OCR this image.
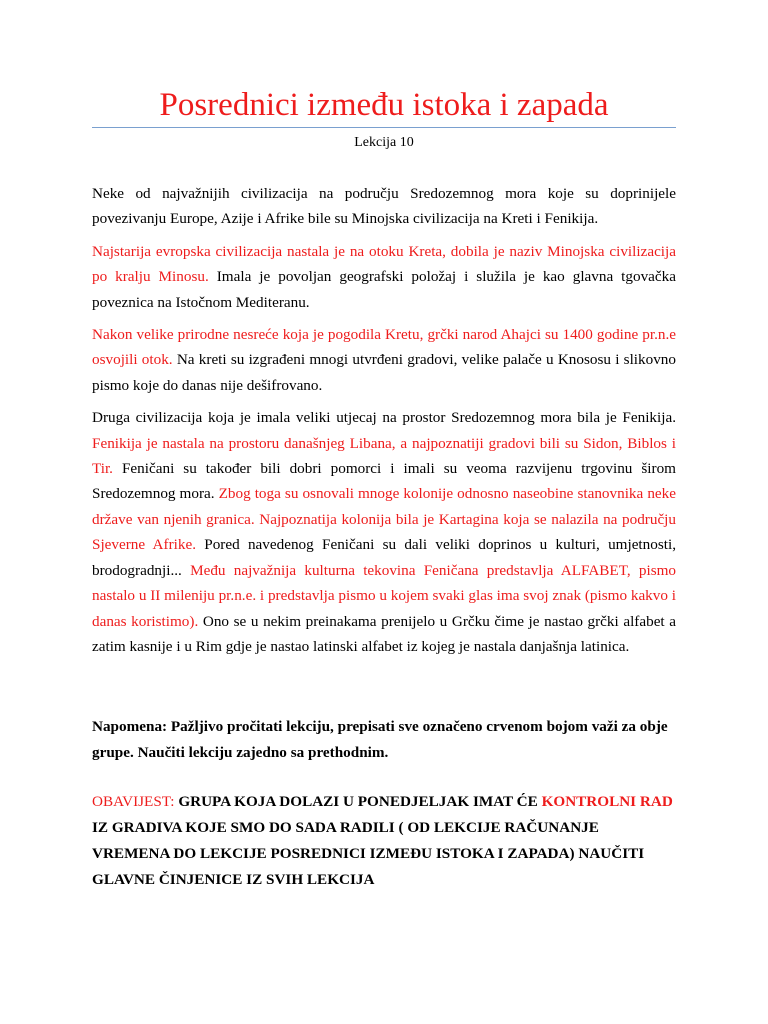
Posrednici između istoka i zapada
Lekcija 10

Neke od najvažnijih civilizacija na području Sredozemnog mora koje su doprinijele povezivanju Europe, Azije i Afrike bile su Minojska civilizacija na Kreti i Fenikija.

Najstarija evropska civilizacija nastala je na otoku Kreta, dobila je naziv Minojska civilizacija po kralju Minosu. Imala je povoljan geografski položaj i služila je kao glavna tgovačka poveznica na Istočnom Mediteranu.

Nakon velike prirodne nesreće koja je pogodila Kretu, grčki narod Ahajci su 1400 godine pr.n.e osvojili otok. Na kreti su izgrađeni mnogi utvrđeni gradovi, velike palače u Knososu i slikovno pismo koje do danas nije dešifrovano.

Druga civilizacija koja je imala veliki utjecaj na prostor Sredozemnog mora bila je Fenikija. Fenikija je nastala na prostoru današnjeg Libana, a najpoznatiji gradovi bili su Sidon, Biblos i Tir. Feničani su također bili dobri pomorci i imali su veoma razvijenu trgovinu širom Sredozemnog mora. Zbog toga su osnovali mnoge kolonije odnosno naseobine stanovnika neke države van njenih granica. Najpoznatija kolonija bila je Kartagina koja se nalazila na području Sjeverne Afrike. Pored navedenog Feničani su dali veliki doprinos u kulturi, umjetnosti, brodogradnji... Među najvažnija kulturna tekovina Feničana predstavlja ALFABET, pismo nastalo u II mileniju pr.n.e. i predstavlja pismo u kojem svaki glas ima svoj znak (pismo kakvo i danas koristimo). Ono se u nekim preinakama prenijelo u Grčku čime je nastao grčki alfabet a zatim kasnije i u Rim gdje je nastao latinski alfabet iz kojeg je nastala danjašnja latinica.

Napomena: Pažljivo pročitati lekciju, prepisati sve označeno crvenom bojom važi za obje grupe. Naučiti lekciju zajedno sa prethodnim.
OBAVIJEST: GRUPA KOJA DOLAZI U PONEDJELJAK IMAT ĆE KONTROLNI RAD IZ GRADIVA KOJE SMO DO SADA RADILI ( OD LEKCIJE RAČUNANJE VREMENA DO LEKCIJE POSREDNICI IZMEĐU ISTOKA I ZAPADA) NAUČITI GLAVNE ČINJENICE IZ SVIH LEKCIJA
